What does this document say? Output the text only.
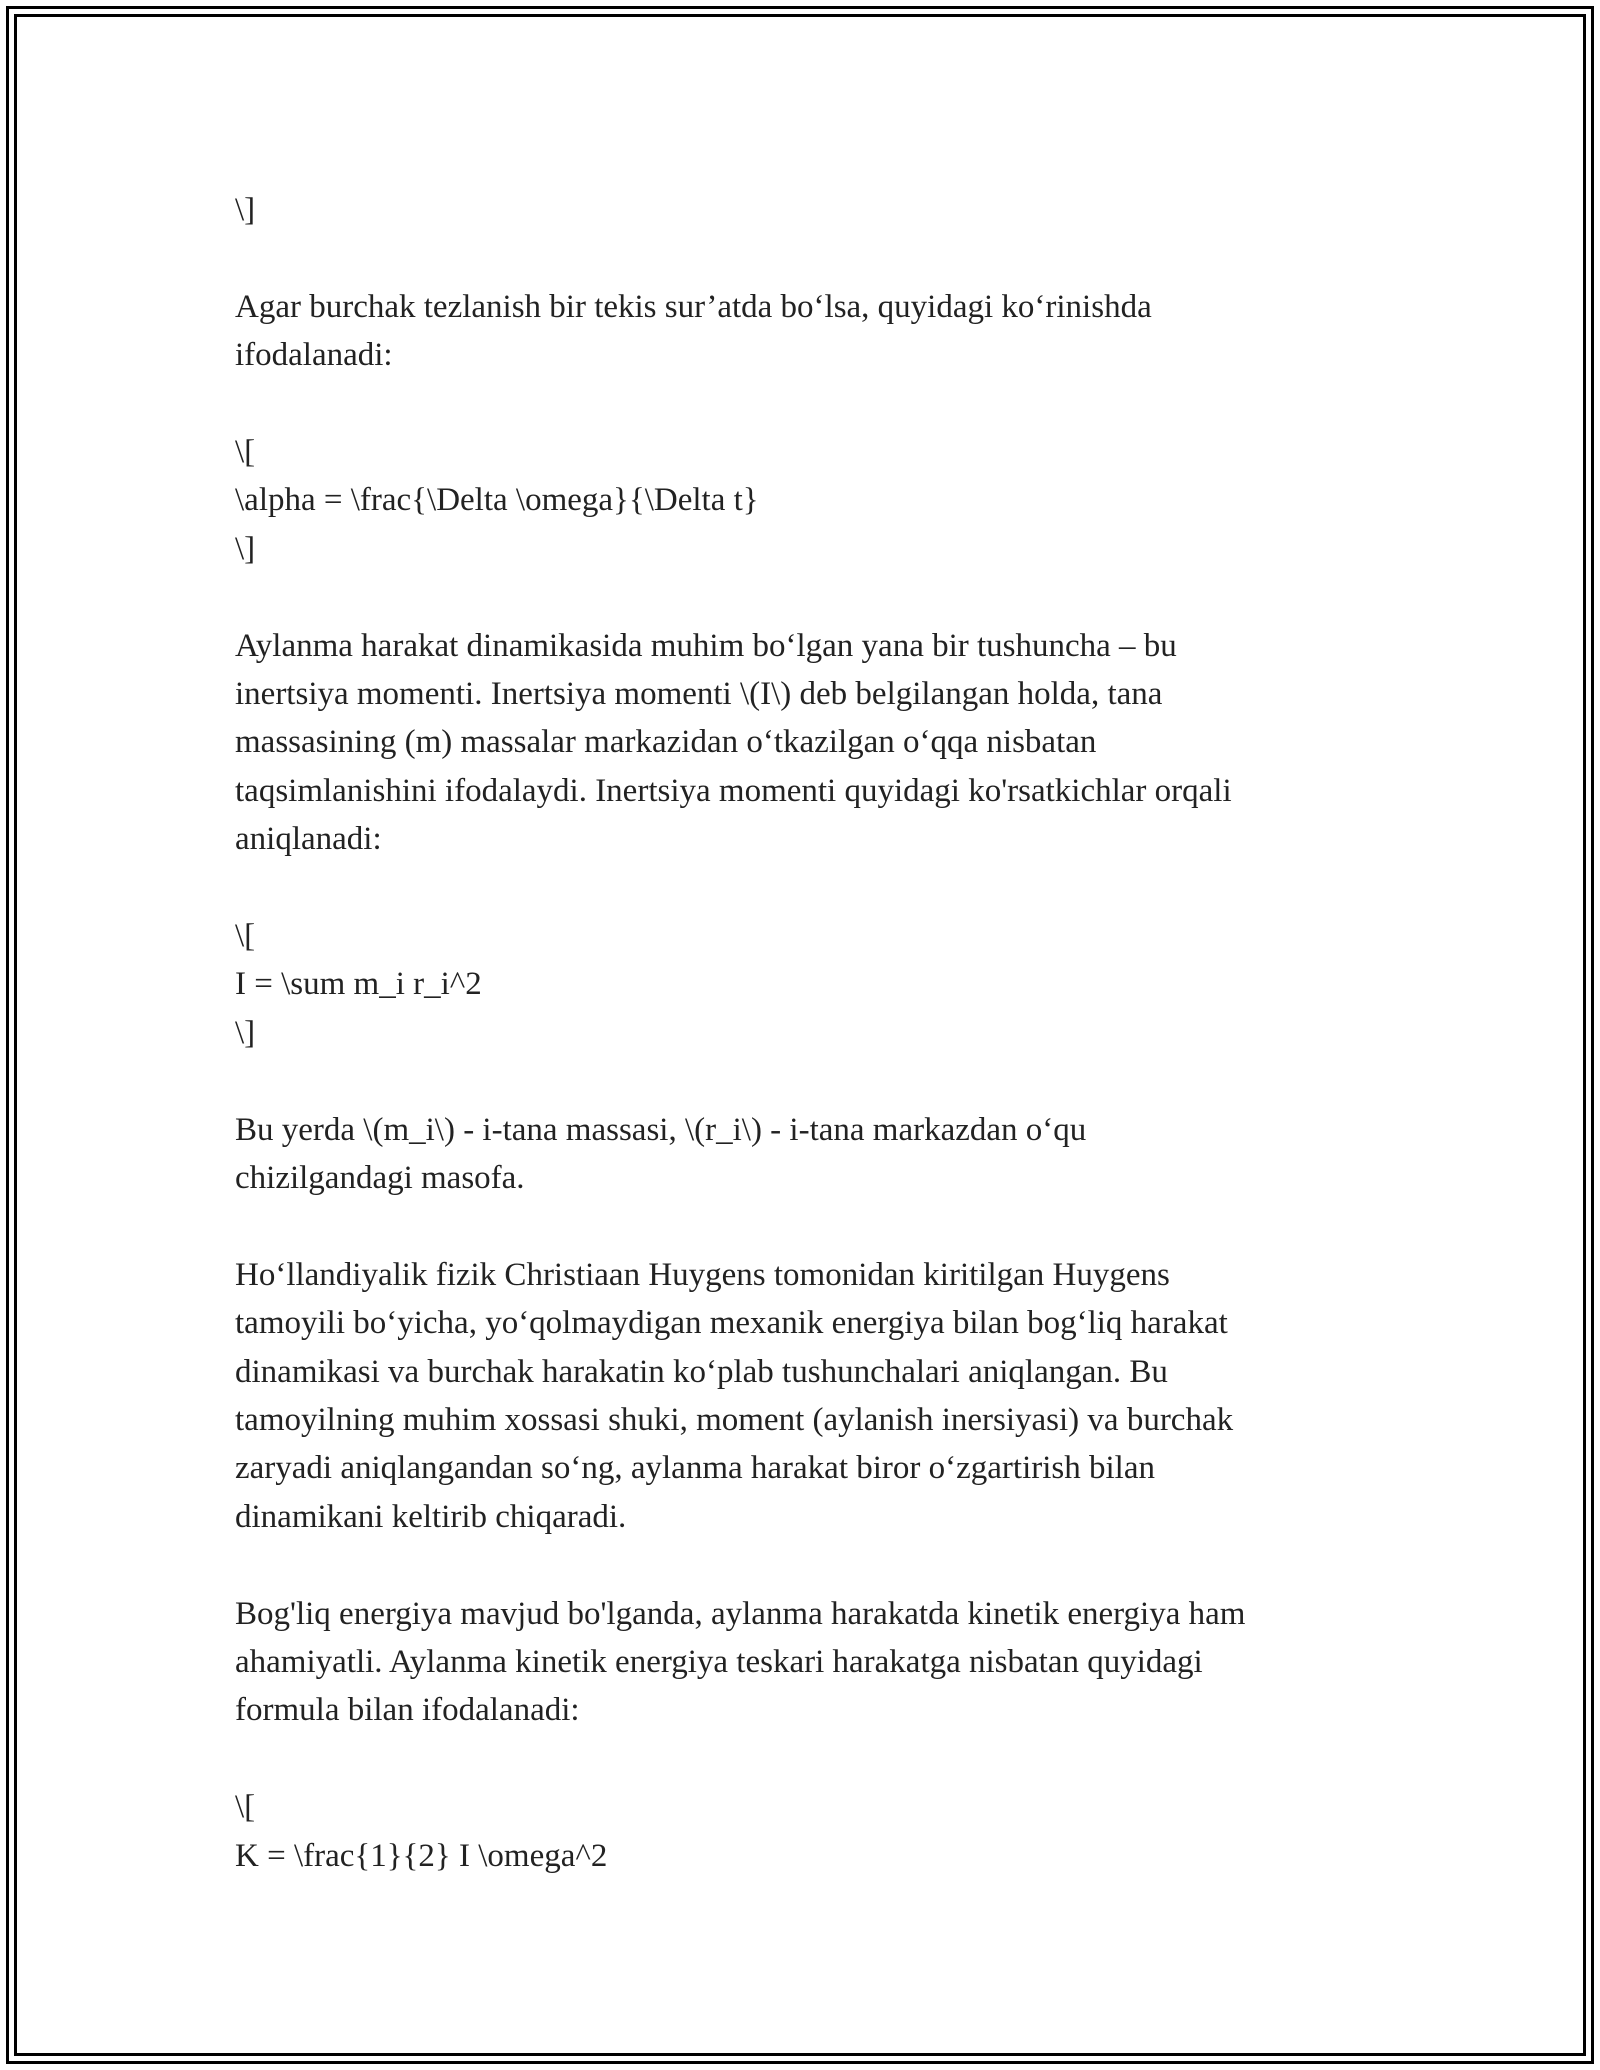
\]
Agar burchak tezlanish bir tekis sur’atda bo‘lsa, quyidagi ko‘rinishda
ifodalanadi:
\[
\alpha = \frac{\Delta \omega}{\Delta t}
\]
Aylanma harakat dinamikasida muhim bo‘lgan yana bir tushuncha – bu
inertsiya momenti. Inertsiya momenti \(I\) deb belgilangan holda, tana
massasining (m) massalar markazidan o‘tkazilgan o‘qqa nisbatan
taqsimlanishini ifodalaydi. Inertsiya momenti quyidagi ko'rsatkichlar orqali
aniqlanadi:
\[
I = \sum m_i r_i^2
\]
Bu yerda \(m_i\) - i-tana massasi, \(r_i\) - i-tana markazdan o‘qu
chizilgandagi masofa.
Ho‘llandiyalik fizik Christiaan Huygens tomonidan kiritilgan Huygens
tamoyili bo‘yicha, yo‘qolmaydigan mexanik energiya bilan bog‘liq harakat
dinamikasi va burchak harakatin ko‘plab tushunchalari aniqlangan. Bu
tamoyilning muhim xossasi shuki, moment (aylanish inersiyasi) va burchak
zaryadi aniqlangandan so‘ng, aylanma harakat biror o‘zgartirish bilan
dinamikani keltirib chiqaradi.
Bog'liq energiya mavjud bo'lganda, aylanma harakatda kinetik energiya ham
ahamiyatli. Aylanma kinetik energiya teskari harakatga nisbatan quyidagi
formula bilan ifodalanadi:
\[
K = \frac{1}{2} I \omega^2
